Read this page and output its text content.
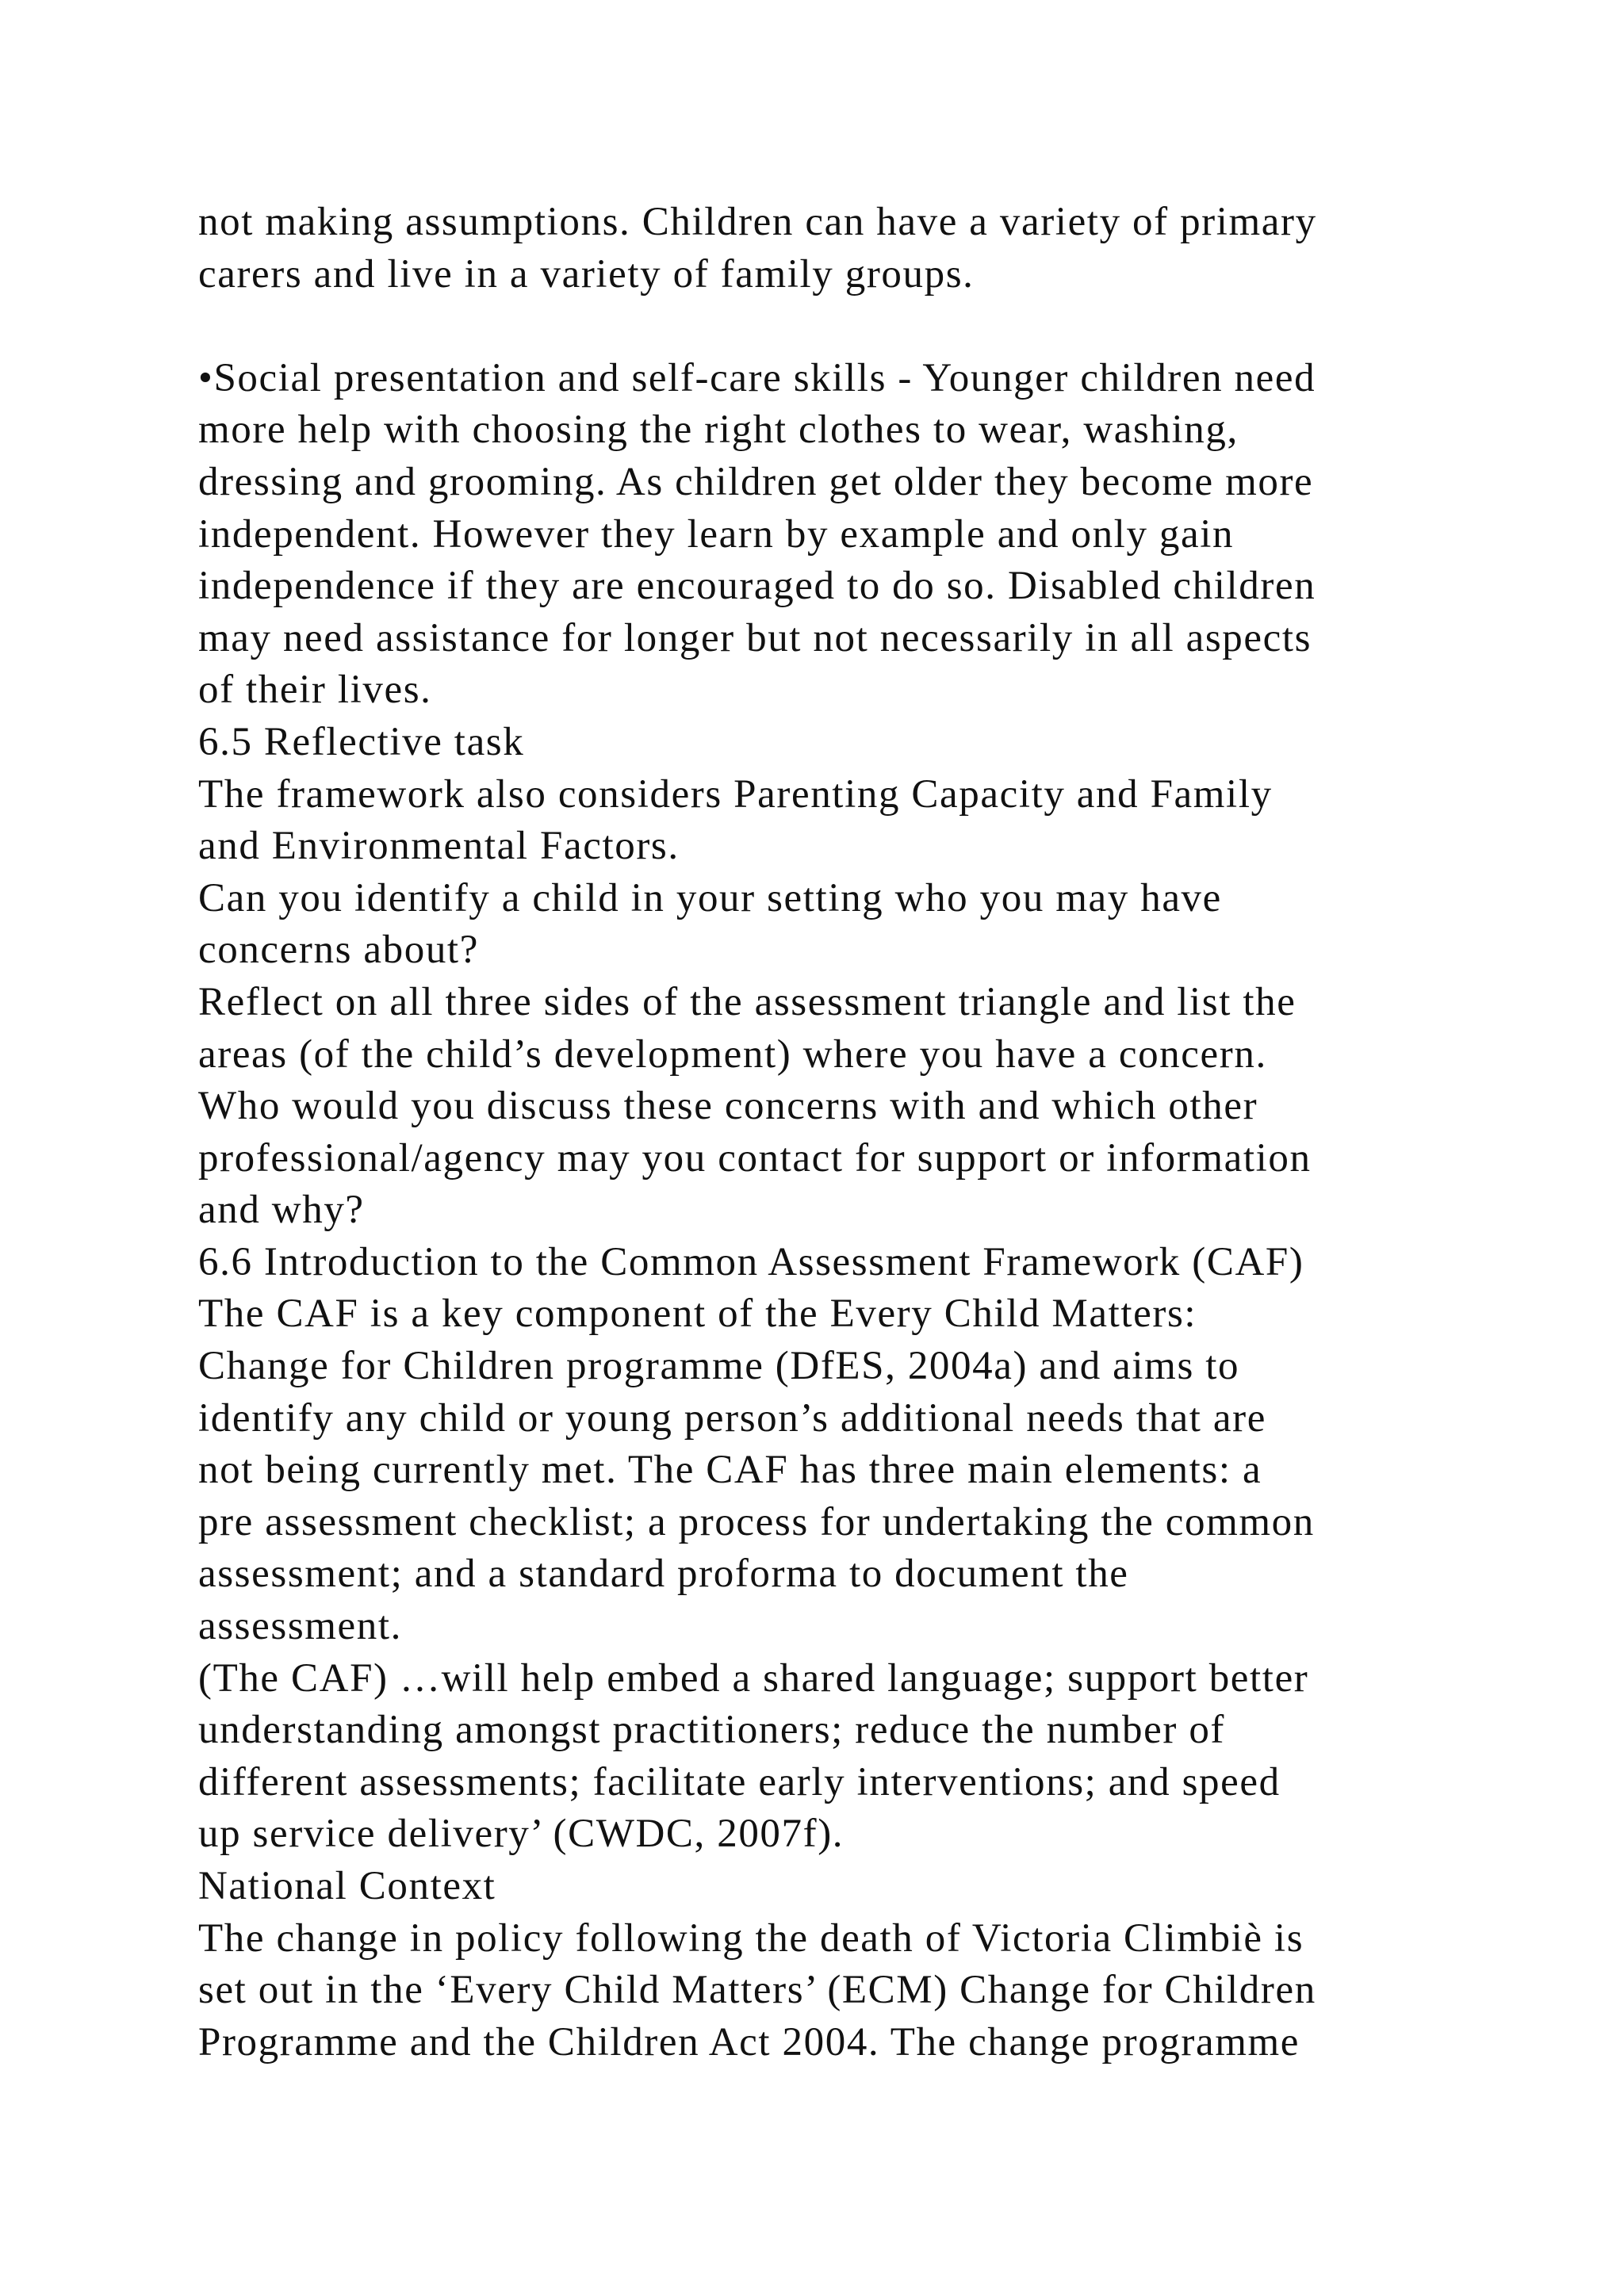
not making assumptions. Children can have a variety of primary
carers and live in a variety of family groups.
•Social presentation and self-care skills - Younger children need
more help with choosing the right clothes to wear, washing,
dressing and grooming. As children get older they become more
independent. However they learn by example and only gain
independence if they are encouraged to do so. Disabled children
may need assistance for longer but not necessarily in all aspects
of their lives.
6.5 Reflective task
The framework also considers Parenting Capacity and Family
and Environmental Factors.
Can you identify a child in your setting who you may have
concerns about?
Reflect on all three sides of the assessment triangle and list the
areas (of the child’s development) where you have a concern.
Who would you discuss these concerns with and which other
professional/agency may you contact for support or information
and why?
6.6 Introduction to the Common Assessment Framework (CAF)
The CAF is a key component of the Every Child Matters:
Change for Children programme (DfES, 2004a) and aims to
identify any child or young person’s additional needs that are
not being currently met. The CAF has three main elements: a
pre assessment checklist; a process for undertaking the common
assessment; and a standard proforma to document the
assessment.
(The CAF) …will help embed a shared language; support better
understanding amongst practitioners; reduce the number of
different assessments; facilitate early interventions; and speed
up service delivery’ (CWDC, 2007f).
National Context
The change in policy following the death of Victoria Climbiè is
set out in the ‘Every Child Matters’ (ECM) Change for Children
Programme and the Children Act 2004. The change programme
